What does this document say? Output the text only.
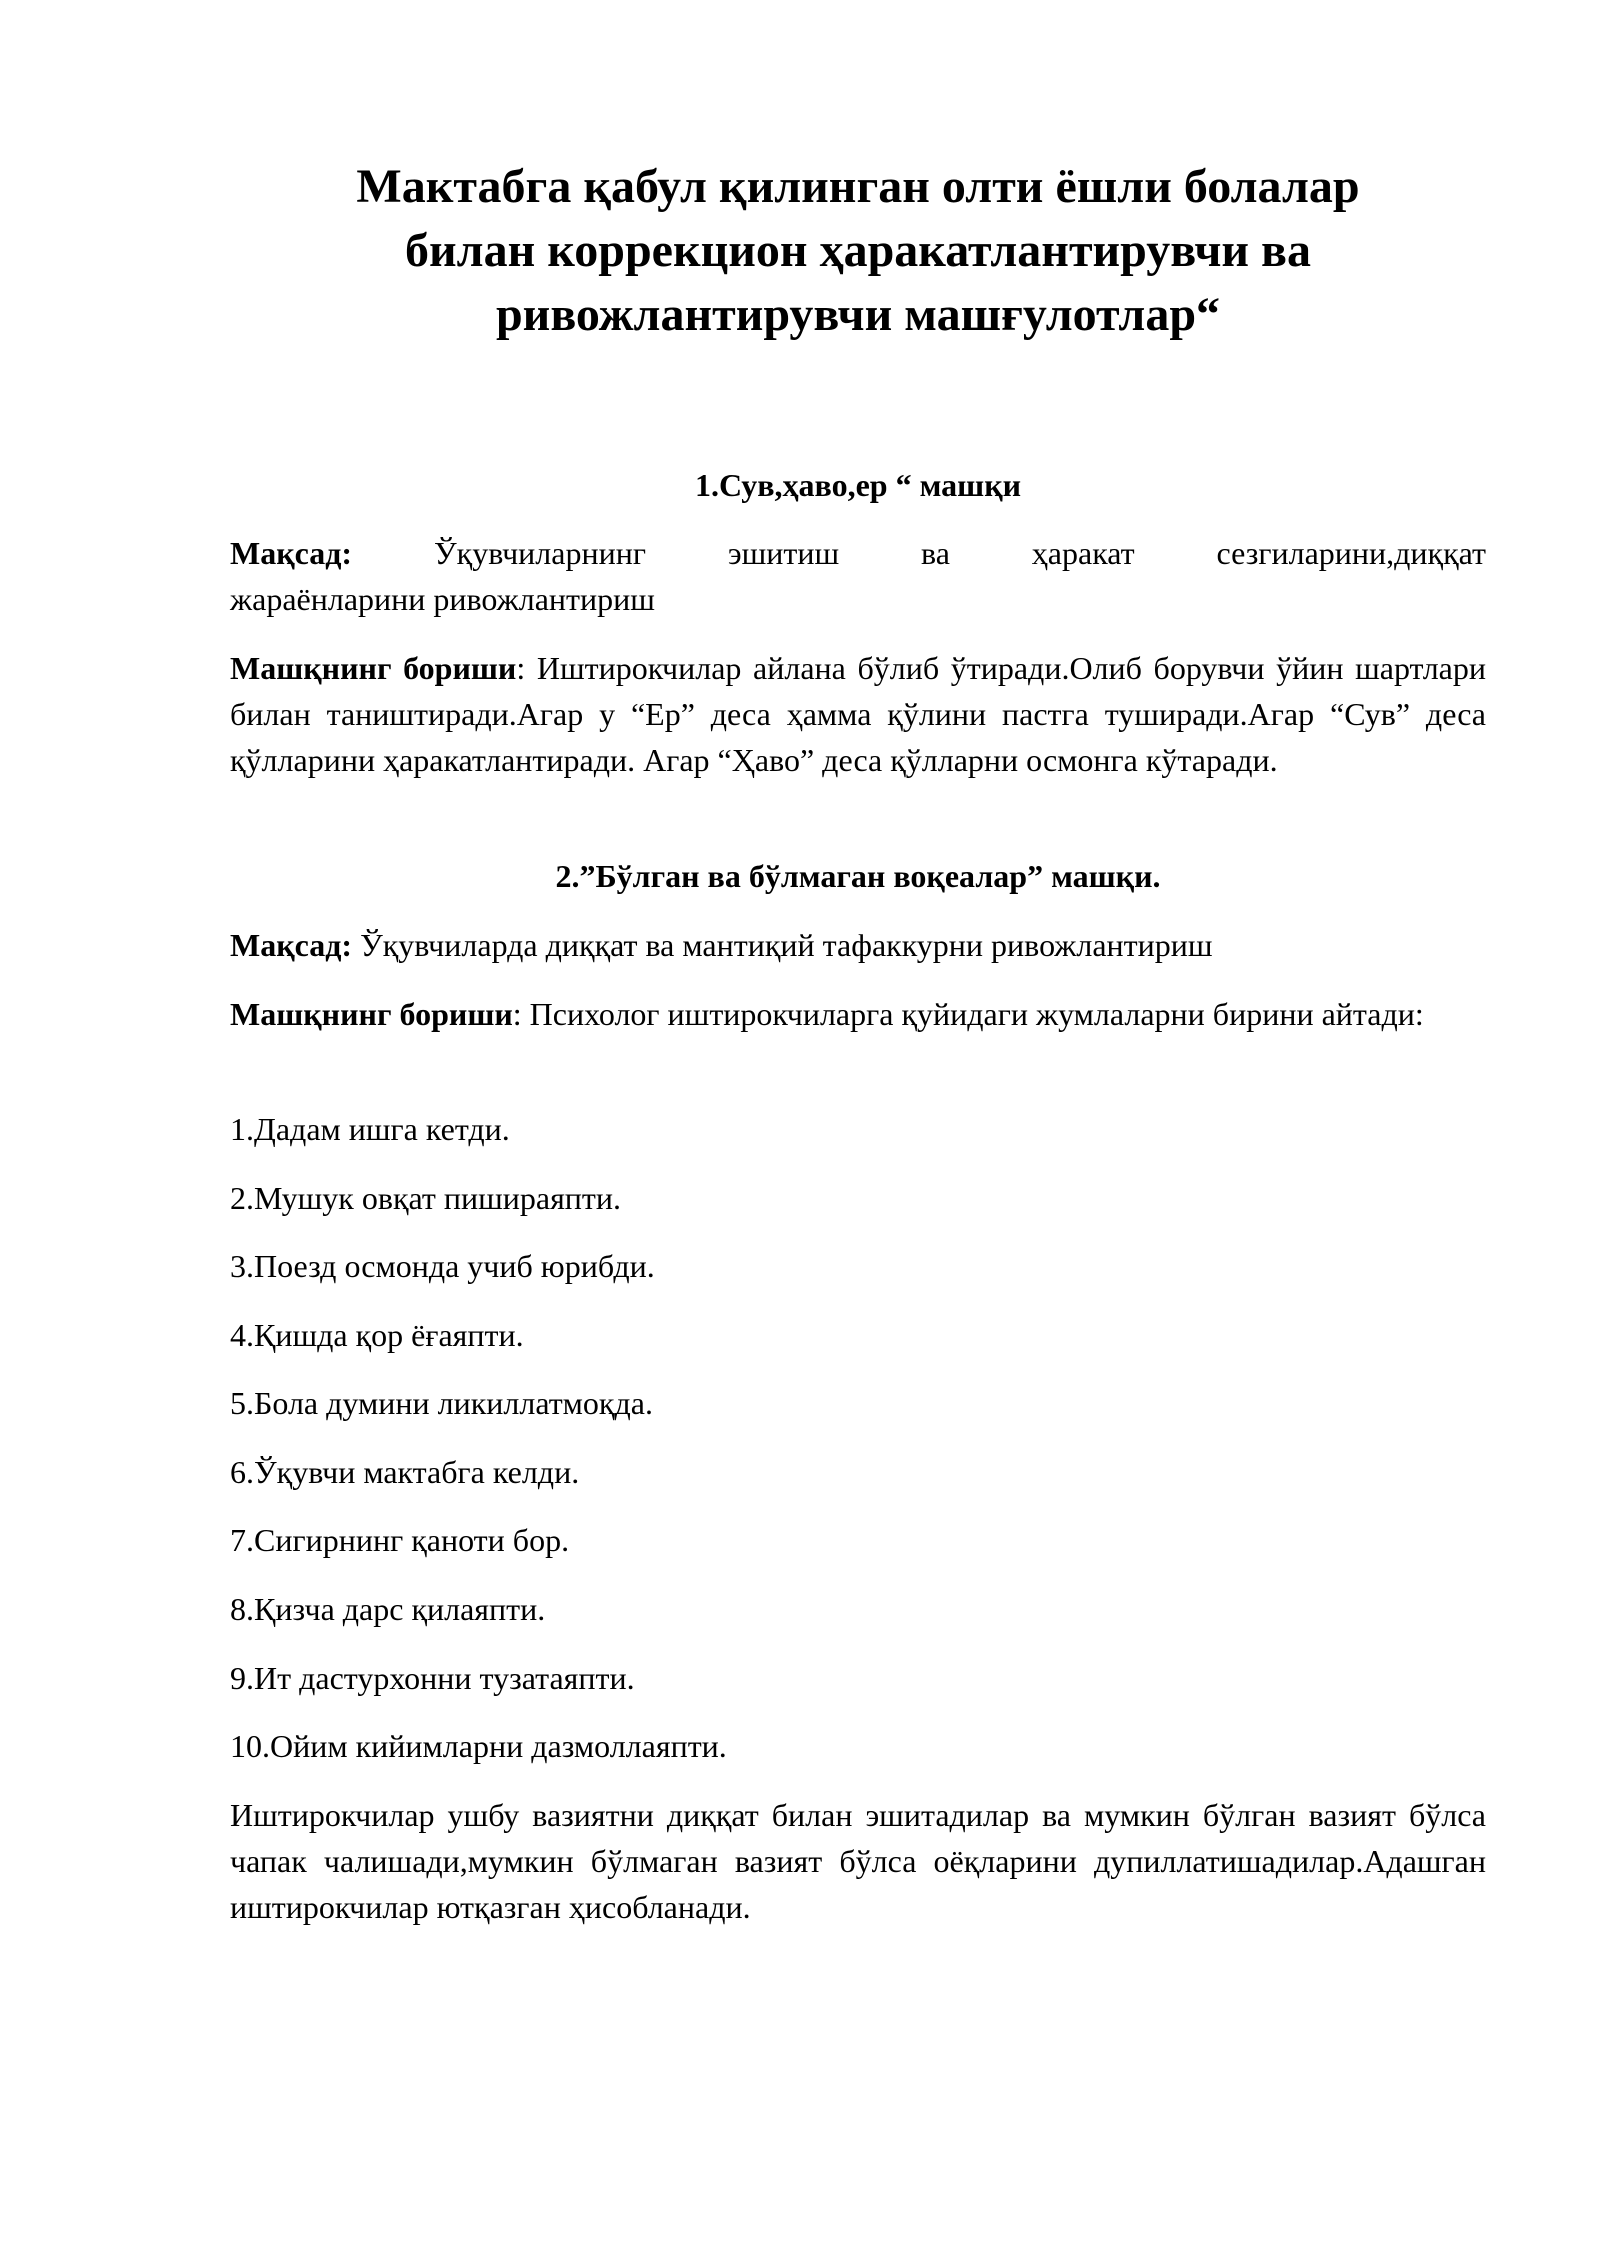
Мактабга қабул қилинган олти ёшли болалар
билан коррекцион ҳаракатлантирувчи ва
ривожлантирувчи машғулотлар“
1.Сув,ҳаво,ер “ машқи

Мақсад:	Ўқувчиларнинг эшитиш ва ҳаракат сезгиларини,диққат

жараёнларини ривожлантириш

Машқнинг бориши: Иштирокчилар айлана бўлиб ўтиради.Олиб борувчи ўйин шартлари билан таништиради.Агар у “Ер” деса ҳамма қўлини пастга туширади.Агар “Сув” деса қўлларини ҳаракатлантиради. Агар “Ҳаво” деса қўлларни осмонга кўтаради.

2.”Бўлган ва бўлмаган воқеалар” машқи.

Мақсад: Ўқувчиларда диққат ва мантиқий тафаккурни ривожлантириш

Машқнинг бориши: Психолог иштирокчиларга қуйидаги жумлаларни бирини айтади:

1.Дадам ишга кетди.

2.Мушук овқат пишираяпти.

3.Поезд осмонда учиб юрибди.

4.Қишда қор ёғаяпти.

5.Бола думини ликиллатмоқда.

6.Ўқувчи мактабга келди.

7.Сигирнинг қаноти бор.

8.Қизча дарс қилаяпти.

9.Ит дастурхонни тузатаяпти.

10.Ойим кийимларни дазмоллаяпти.

Иштирокчилар ушбу вазиятни диққат билан эшитадилар ва мумкин бўлган вазият бўлса чапак чалишади,мумкин бўлмаган вазият бўлса оёқларини дупиллатишадилар.Адашган иштирокчилар ютқазган ҳисобланади.
